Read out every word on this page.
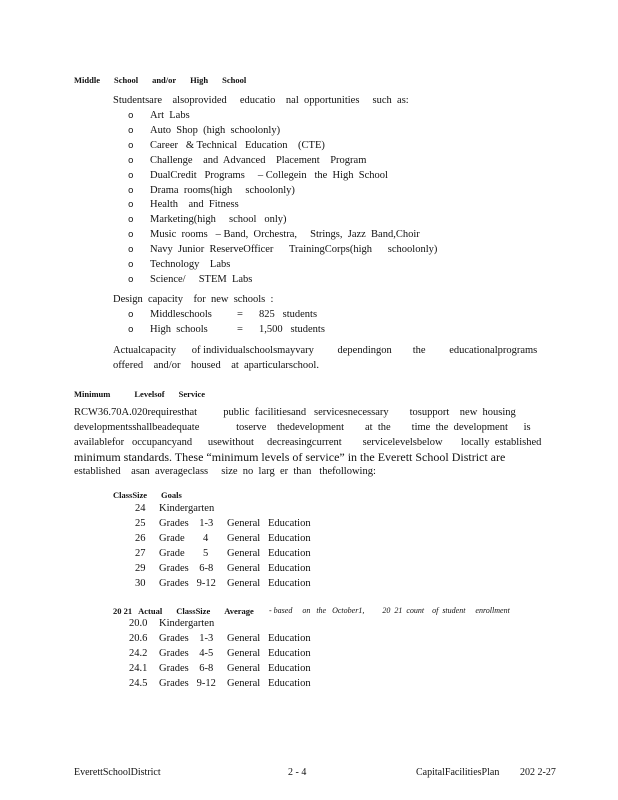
Middle School and/or High School
Studentsare    alsoprovided     educatio    nal  opportunities     such  as:
o Art  Labs
o Auto  Shop  (high  schoolonly)
o Career   & Technical   Education    (CTE)
o Challenge    and  Advanced    Placement    Program
o DualCredit   Programs     – Collegein   the  High  School
o Drama  rooms(high     schoolonly)
o Health    and  Fitness
o Marketing(high     school   only)
o Music  rooms   – Band,  Orchestra,     Strings,  Jazz  Band,Choir
o Navy  Junior  ReserveOfficer      TrainingCorps(high      schoolonly)
o Technology    Labs
o Science/     STEM  Labs
Design  capacity    for  new  schools  :
o Middleschools = 825   students
o High  schools	= 1,500   students
Actualcapacity      of individualschoolsmayvary         dependingon        the         educationalprograms
offered    and/or    housed    at  aparticularschool.
Minimum	Levelsof Service
RCW36.70A.020requiresthat          public  facilitiesand   servicesnecessary        tosupport    new  housing
developmentsshallbeadequate              toserve    thedevelopment        at  the        time  the  development      is
availablefor   occupancyand      usewithout     decreasingcurrent        servicelevelsbelow       locally  established
minimum standards. These “minimum levels of service” in the Everett School District are
established    asan  averageclass     size  no  larg  er  than   thefollowing:
ClassSize Goals
24 Kindergarten
25 Grades    1-3 General Education
26 Grade       4 General Education
27 Grade       5 General Education
29 Grades    6-8 General Education
30 Grades   9-12 General Education
20 21 Actual ClassSize Average	- based     on   the   October1,         20  21  count    of  student     enrollment
20.0 Kindergarten
20.6 Grades    1-3 General Education
24.2 Grades    4-5 General Education
24.1 Grades    6-8 General Education
24.5 Grades   9-12 General Education
EverettSchoolDistrict	2 - 4	CapitalFacilitiesPlan 202 2-27
